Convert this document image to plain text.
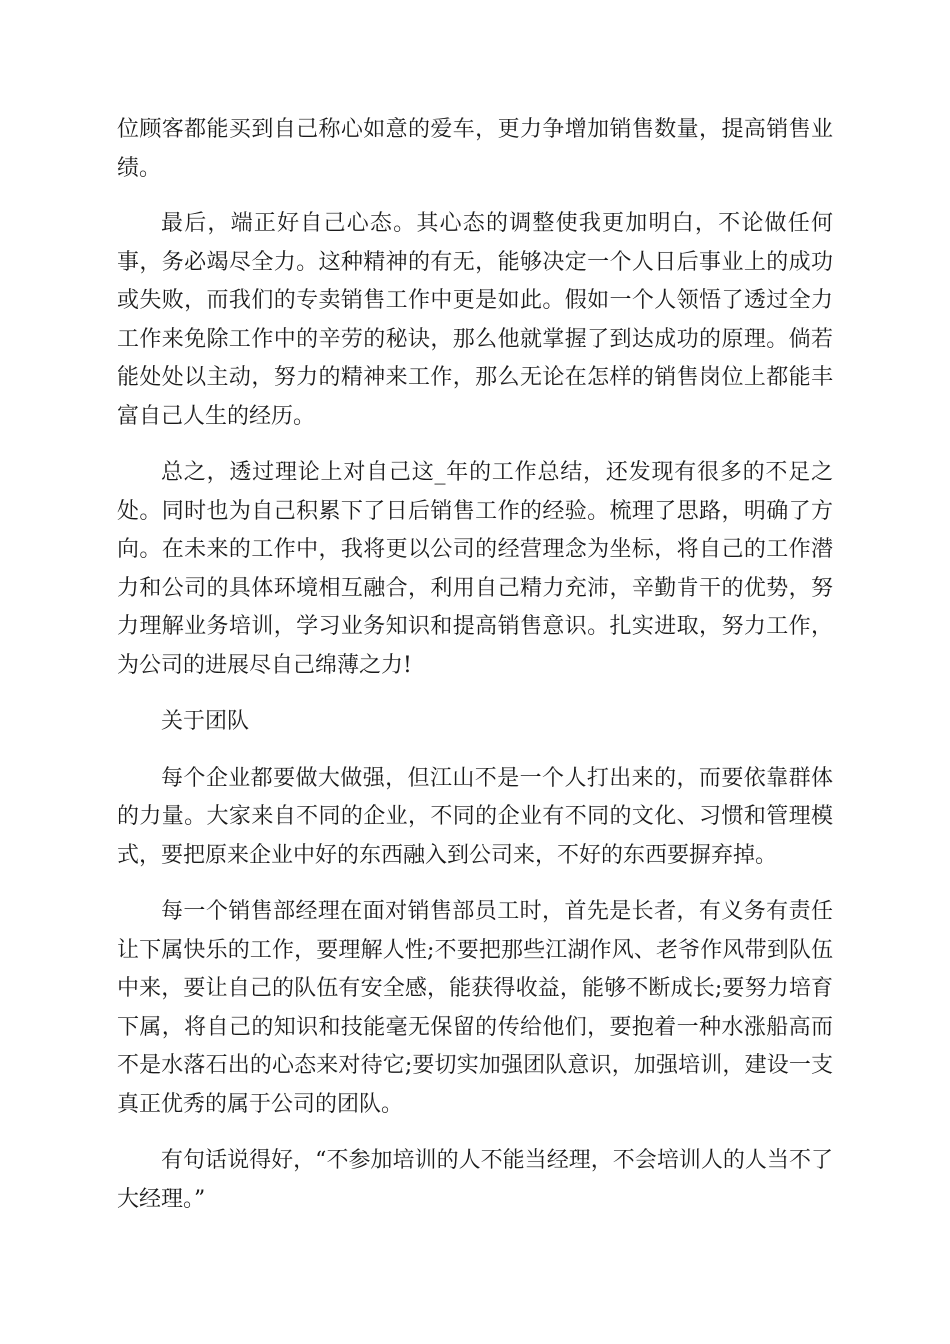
位顾客都能买到自己称心如意的爱车，更力争增加销售数量，提高销售业绩。

最后，端正好自己心态。其心态的调整使我更加明白，不论做任何事，务必竭尽全力。这种精神的有无，能够决定一个人日后事业上的成功或失败，而我们的专卖销售工作中更是如此。假如一个人领悟了透过全力工作来免除工作中的辛劳的秘诀，那么他就掌握了到达成功的原理。倘若能处处以主动，努力的精神来工作，那么无论在怎样的销售岗位上都能丰富自己人生的经历。

总之，透过理论上对自己这_年的工作总结，还发现有很多的不足之处。同时也为自己积累下了日后销售工作的经验。梳理了思路，明确了方向。在未来的工作中，我将更以公司的经营理念为坐标，将自己的工作潜力和公司的具体环境相互融合，利用自己精力充沛，辛勤肯干的优势，努力理解业务培训，学习业务知识和提高销售意识。扎实进取，努力工作，为公司的进展尽自己绵薄之力!

关于团队

每个企业都要做大做强，但江山不是一个人打出来的，而要依靠群体的力量。大家来自不同的企业，不同的企业有不同的文化、习惯和管理模式，要把原来企业中好的东西融入到公司来，不好的东西要摒弃掉。

每一个销售部经理在面对销售部员工时，首先是长者，有义务有责任让下属快乐的工作，要理解人性;不要把那些江湖作风、老爷作风带到队伍中来，要让自己的队伍有安全感，能获得收益，能够不断成长;要努力培育下属，将自己的知识和技能毫无保留的传给他们，要抱着一种水涨船高而不是水落石出的心态来对待它;要切实加强团队意识，加强培训，建设一支真正优秀的属于公司的团队。

有句话说得好，“不参加培训的人不能当经理，不会培训人的人当不了大经理。”
